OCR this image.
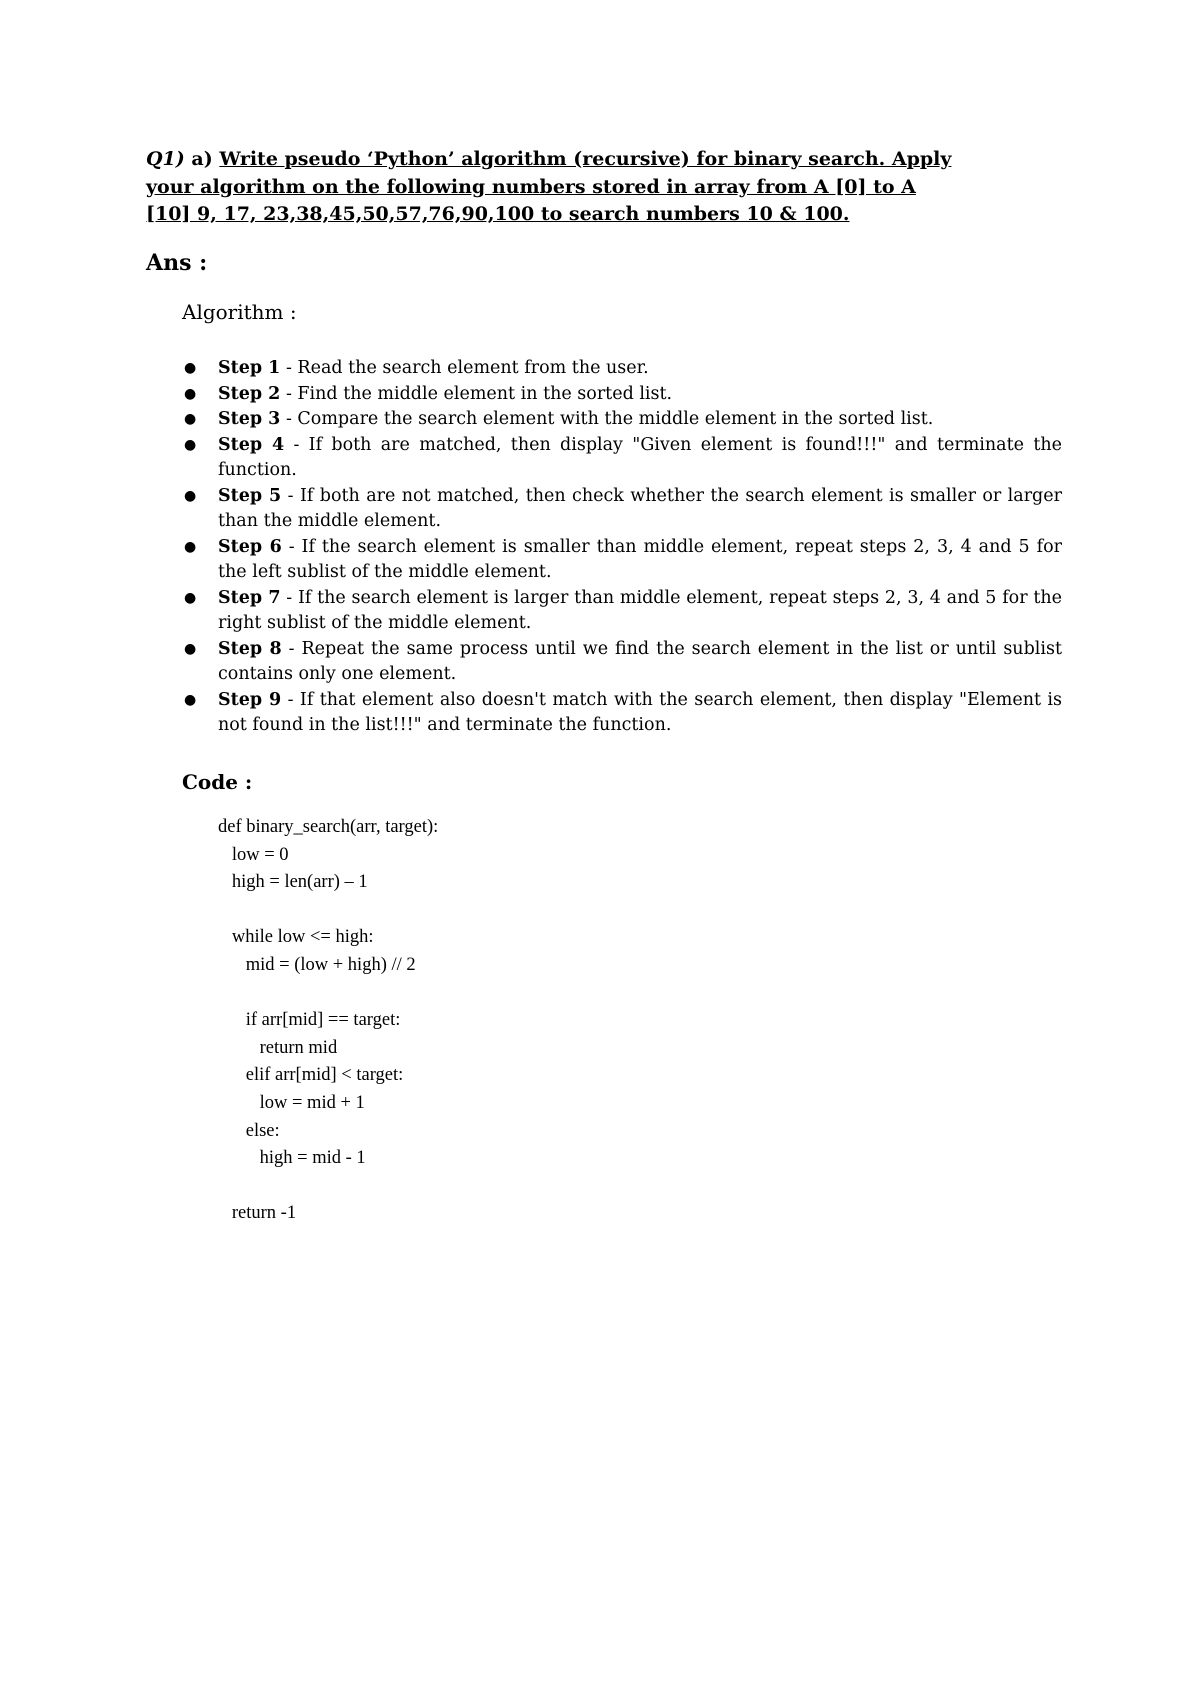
Q1) a) Write pseudo ‘Python’ algorithm (recursive) for binary search. Apply your algorithm on the following numbers stored in array from A [0] to A [10] 9, 17, 23,38,45,50,57,76,90,100 to search numbers 10 & 100.
Ans :
Algorithm :
● Step 1 - Read the search element from the user.
● Step 2 - Find the middle element in the sorted list.
● Step 3 - Compare the search element with the middle element in the sorted list.
● Step 4 - If both are matched, then display "Given element is found!!!" and terminate the function.
● Step 5 - If both are not matched, then check whether the search element is smaller or larger than the middle element.
● Step 6 - If the search element is smaller than middle element, repeat steps 2, 3, 4 and 5 for the left sublist of the middle element.
● Step 7 - If the search element is larger than middle element, repeat steps 2, 3, 4 and 5 for the right sublist of the middle element.
● Step 8 - Repeat the same process until we find the search element in the list or until sublist contains only one element.
● Step 9 - If that element also doesn't match with the search element, then display "Element is not found in the list!!!" and terminate the function.
Code :
def binary_search(arr, target):
low = 0
high = len(arr) – 1

while low <= high:
mid = (low + high) // 2

if arr[mid] == target:
return mid
elif arr[mid] < target:
low = mid + 1
else:
high = mid - 1

return -1
